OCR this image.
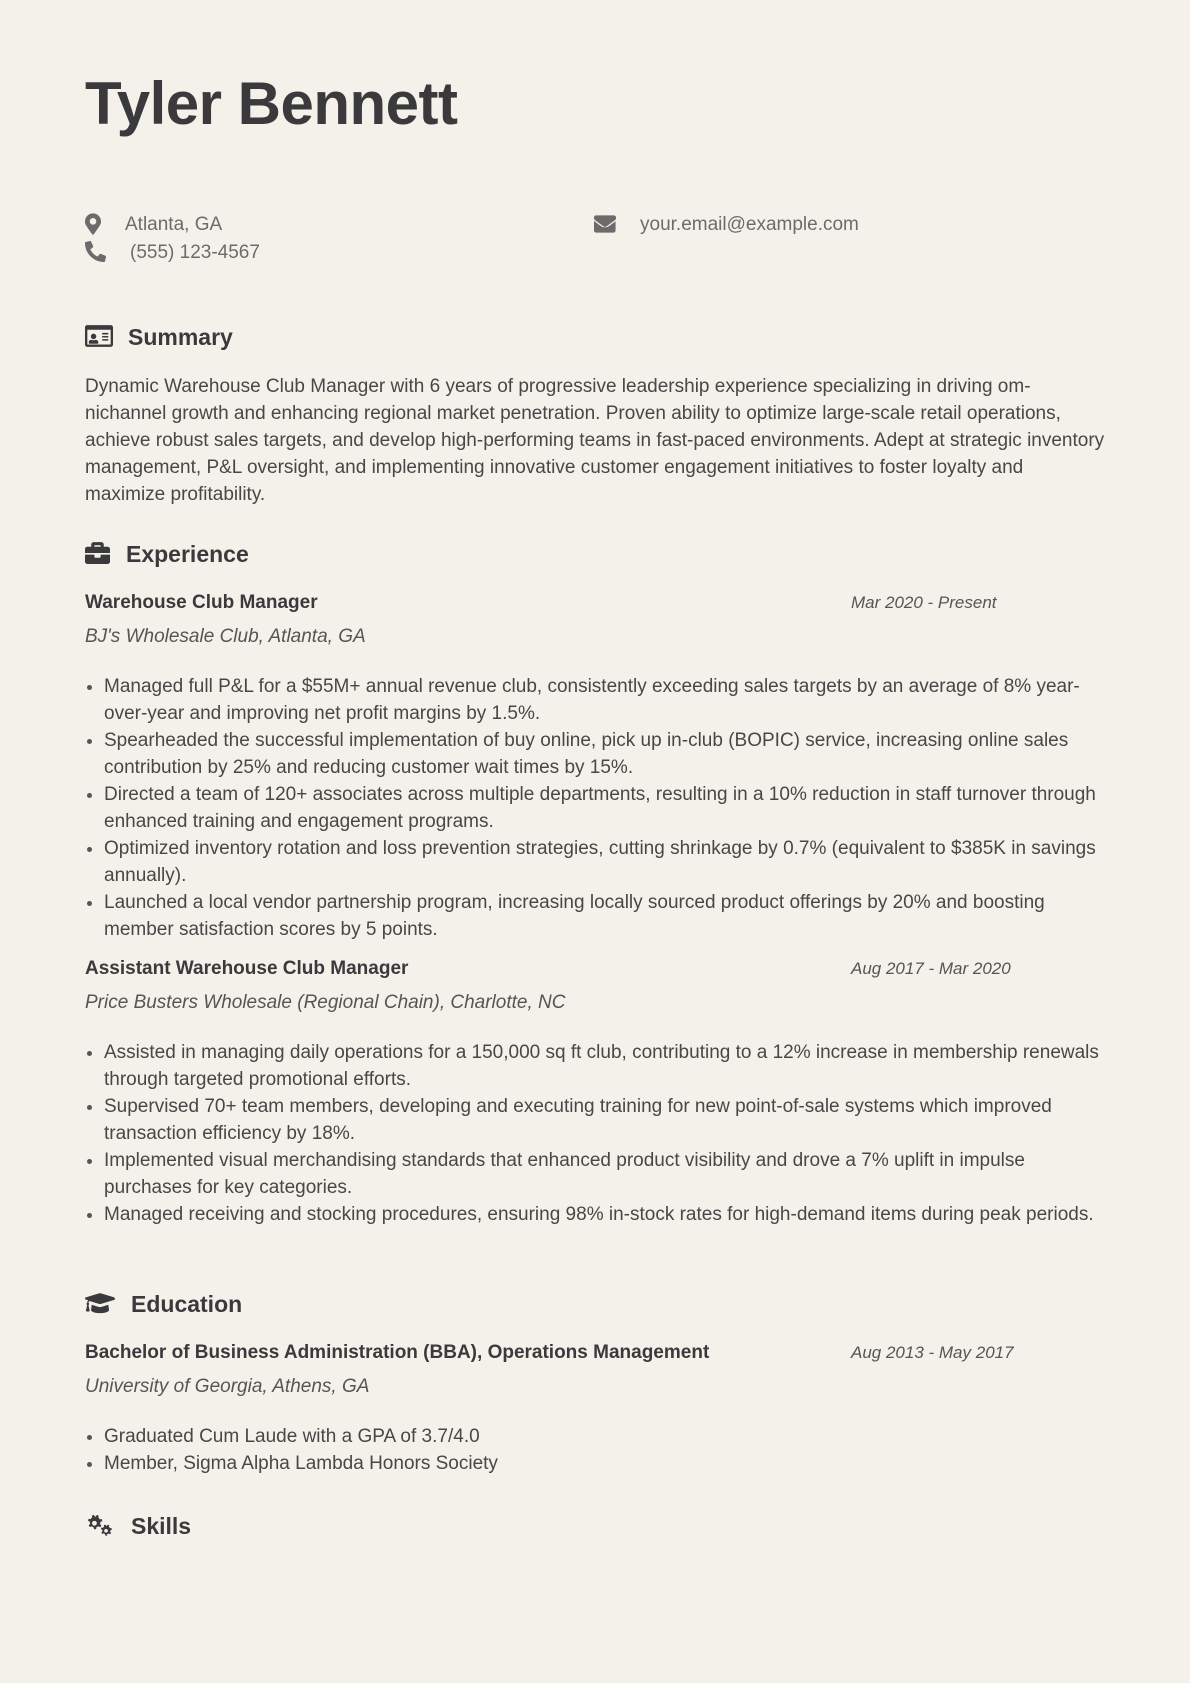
Tyler Bennett
Atlanta, GA	your.email@example.com
(555) 123-4567
Summary

Dynamic Warehouse Club Manager with 6 years of progressive leadership experience specializing in driving omnichannel growth and enhancing regional market penetration. Proven ability to optimize large-scale retail operations, achieve robust sales targets, and develop high-performing teams in fast-paced environments. Adept at strategic inventory management, P&L oversight, and implementing innovative customer engagement initiatives to foster loyalty and maximize profitability.

Experience
Warehouse Club Manager	Mar 2020 - Present
BJ's Wholesale Club, Atlanta, GA
Managed full P&L for a $55M+ annual revenue club, consistently exceeding sales targets by an average of 8% year-over-year and improving net profit margins by 1.5%.
Spearheaded the successful implementation of buy online, pick up in-club (BOPIC) service, increasing online sales contribution by 25% and reducing customer wait times by 15%.
Directed a team of 120+ associates across multiple departments, resulting in a 10% reduction in staff turnover through enhanced training and engagement programs.
Optimized inventory rotation and loss prevention strategies, cutting shrinkage by 0.7% (equivalent to $385K in savings annually).
Launched a local vendor partnership program, increasing locally sourced product offerings by 20% and boosting member satisfaction scores by 5 points.
Assistant Warehouse Club Manager	Aug 2017 - Mar 2020
Price Busters Wholesale (Regional Chain), Charlotte, NC
Assisted in managing daily operations for a 150,000 sq ft club, contributing to a 12% increase in membership renewals through targeted promotional efforts.
Supervised 70+ team members, developing and executing training for new point-of-sale systems which improved transaction efficiency by 18%.
Implemented visual merchandising standards that enhanced product visibility and drove a 7% uplift in impulse purchases for key categories.
Managed receiving and stocking procedures, ensuring 98% in-stock rates for high-demand items during peak periods.
Education
Bachelor of Business Administration (BBA), Operations Management	Aug 2013 - May 2017
University of Georgia, Athens, GA
Graduated Cum Laude with a GPA of 3.7/4.0
Member, Sigma Alpha Lambda Honors Society
Skills
